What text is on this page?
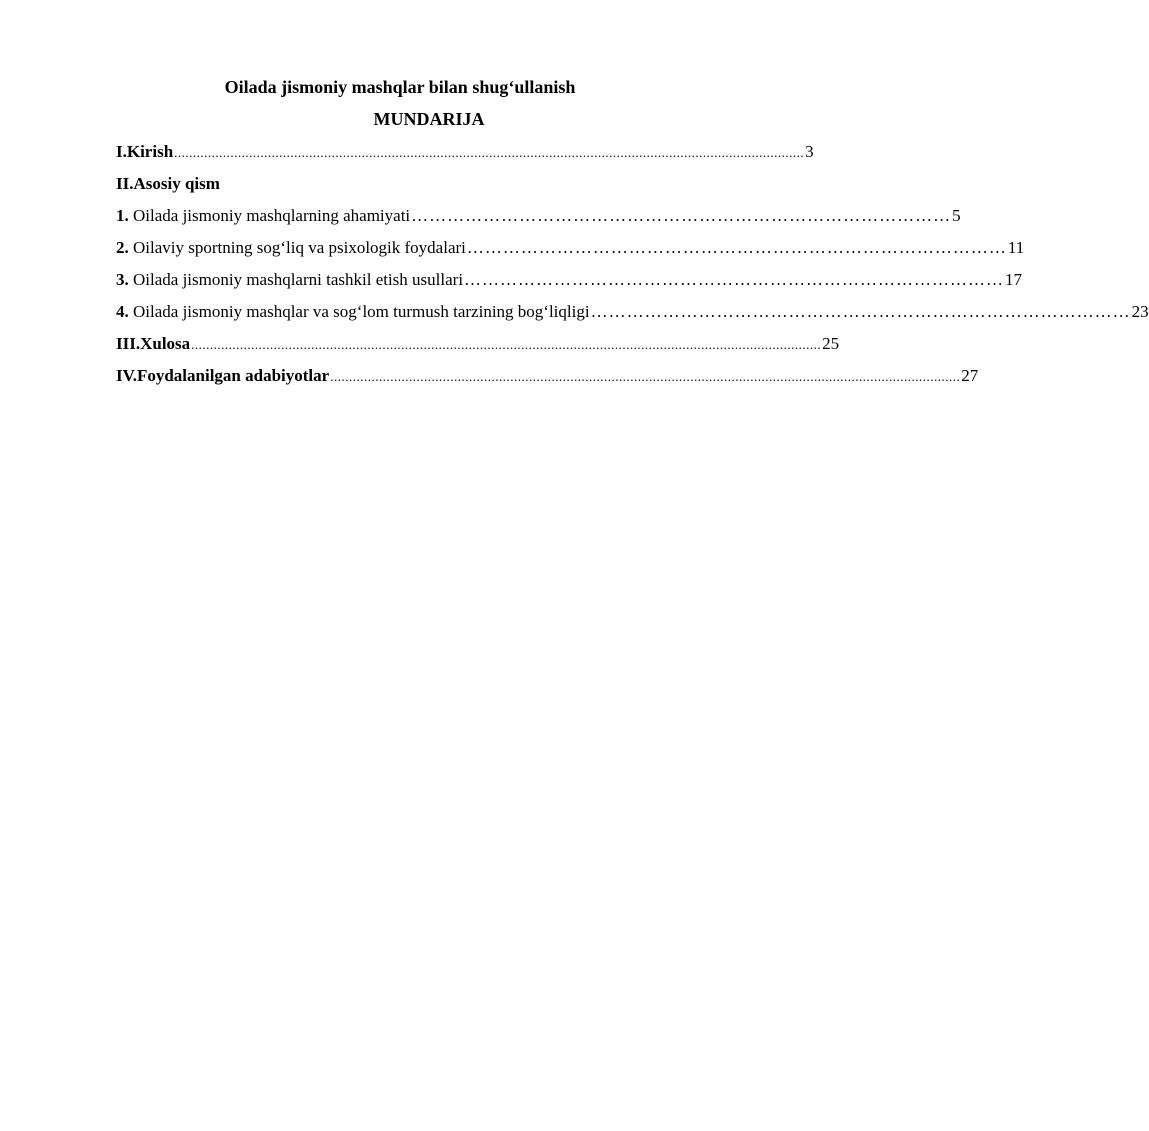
Oilada jismoniy mashqlar bilan shug‘ullanish
MUNDARIJA
I.Kirish ........................................................................................................................................................................ 3
II.Asosiy qism
1. Oilada jismoniy mashqlarning ahamiyati ……………………………………………………………………………… 5
2. Oilaviy sportning sog‘liq va psixologik foydalari ……………………………………………………………………………… 11
3. Oilada jismoniy mashqlarni tashkil etish usullari ……………………………………………………………………………… 17
4. Oilada jismoniy mashqlar va sog‘lom turmush tarzining bog‘liqligi ……………………………………………………………………………… 23
III.Xulosa ........................................................................................................................................................................ 25
IV.Foydalanilgan adabiyotlar ........................................................................................................................................................................ 27
